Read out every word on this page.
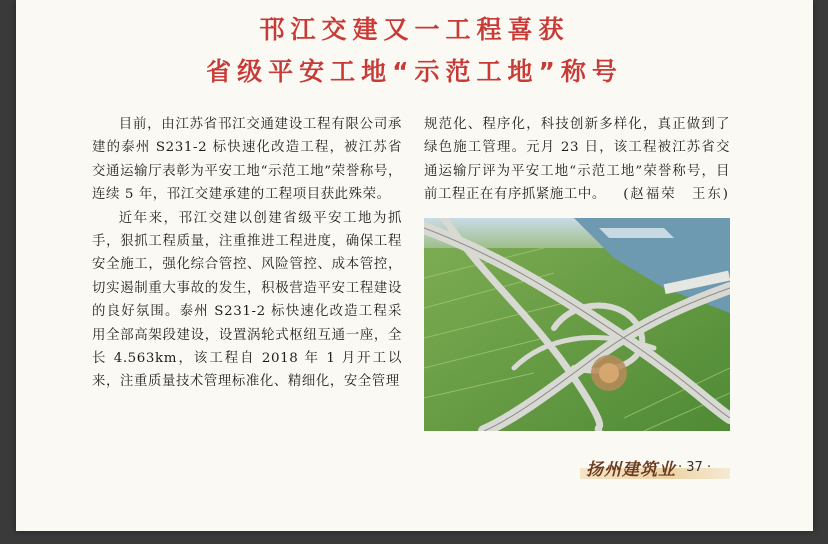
邗江交建又一工程喜获
省级平安工地“示范工地”称号

目前，由江苏省邗江交通建设工程有限公司承建的泰州 S231-2 标快速化改造工程，被江苏省交通运输厅表彰为平安工地“示范工地”荣誉称号，连续 5 年，邗江交建承建的工程项目获此殊荣。

近年来，邗江交建以创建省级平安工地为抓手，狠抓工程质量，注重推进工程进度，确保工程安全施工，强化综合管控、风险管控、成本管控，切实遏制重大事故的发生，积极营造平安工程建设的良好氛围。泰州 S231-2 标快速化改造工程采用全部高架段建设，设置涡轮式枢纽互通一座，全长 4.563km，该工程自 2018 年 1 月开工以来，注重质量技术管理标准化、精细化，安全管理

规范化、程序化，科技创新多样化，真正做到了绿色施工管理。元月 23 日，该工程被江苏省交通运输厅评为平安工地“示范工地”荣誉称号，目前工程正在有序抓紧施工中。 (赵福荣　王东)

扬州建筑业 · 37 ·
